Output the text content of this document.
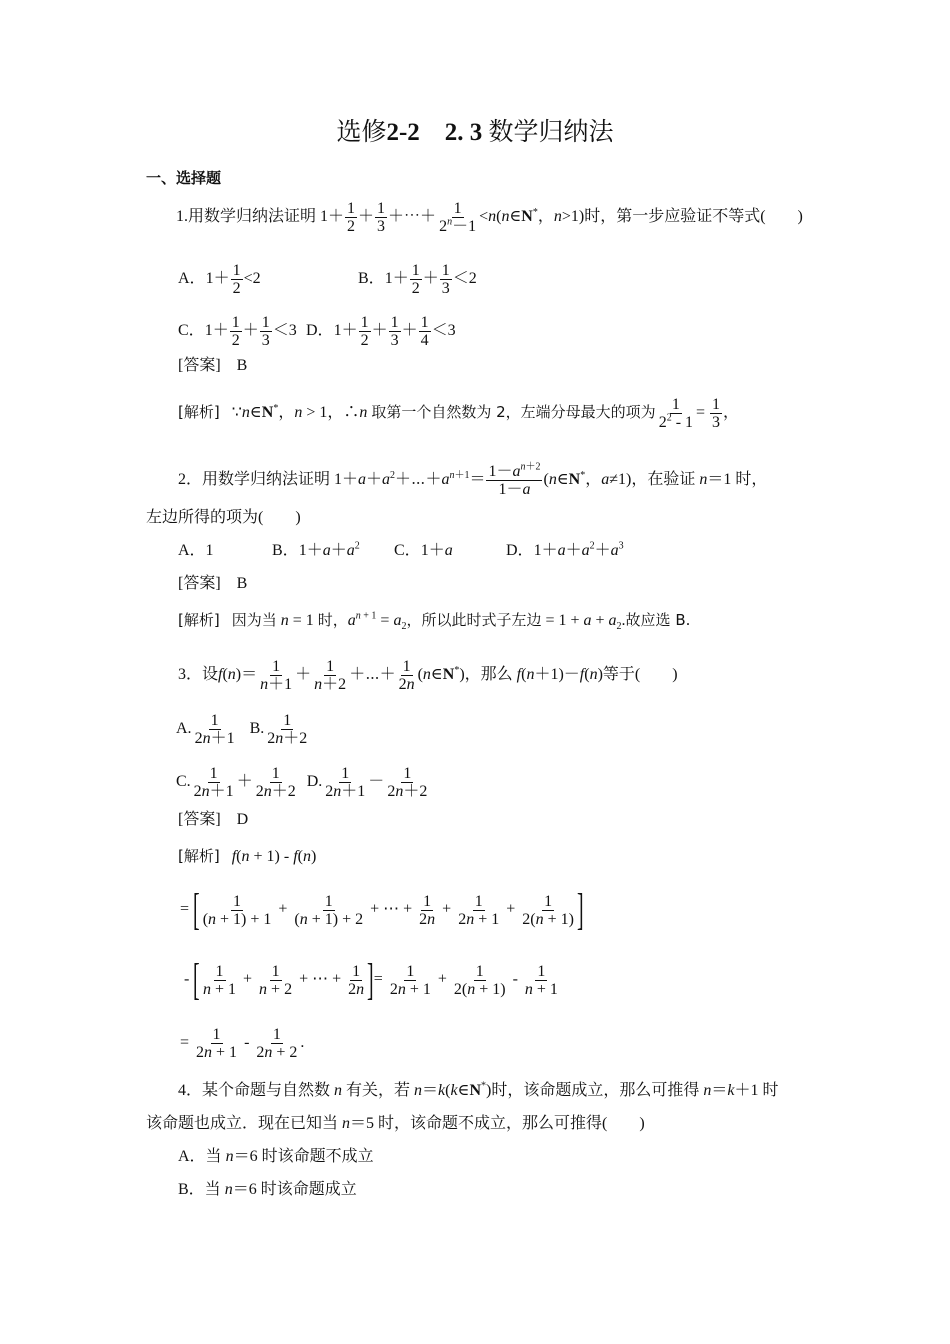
选修2-2 2. 3 数学归纳法
一、选择题
1.用数学归纳法证明 $1+ \frac{1}{2} + \frac{1}{3}$ ＋⋯＋ $\frac{1}{2^n-1}$ <n(n∈N*，n>1)时，第一步应验证不等式(　　)
A．$1+ \frac{1}{2} <2$	B．$1+ \frac{1}{2} + \frac{1}{3} <2$
C．$1+ \frac{1}{2} + \frac{1}{3} <3$ D．$1+ \frac{1}{2} + \frac{1}{3} + \frac{1}{4} <3$
[答案]　B
[解析]   ∵n∈N*，n > 1，∴n 取第一个自然数为 2，左端分母最大的项为 $\frac{1}{2^2 - 1} = \frac{1}{3}$ ，
2．用数学归纳法证明 $1+a+a^2+\cdots+a^{n+1}= \frac{1-a^{n+2}}{1-a}$ (n∈N*，a≠1)，在验证 n＝1 时，
左边所得的项为(　　)
A．1	B．$1+a+a^2$ C．1＋a	D．$1+a+a^2+a^3$
[答案]　B
[解析] 因为当 n = 1 时，$a^{n + 1} = a_2$，所以此时式子左边 = $1 + a + a_2$.故应选 B.
3．设$f(n)= \frac{1}{n+1} + \frac{1}{n+2}$ ＋⋯＋ $\frac{1}{2n}$ (n∈N*)，那么 f(n＋1)－f(n)等于(　　)
A. $\frac{1}{2n+1} B$. $\frac{1}{2n+2}$
C. $\frac{1}{2n+1} + \frac{1}{2n+2} D$. $\frac{1}{2n+1} - \frac{1}{2n+2}$
[答案]　D
[解析] f(n + 1) - f(n)
= [ $\frac{1}{(n + 1) + 1} + \frac{1}{(n + 1) + 2}$ + ⋯ + $\frac{1}{2n} + \frac{1}{2n + 1} + \frac{1}{2(n + 1)}$ ]
- [ $\frac{1}{n + 1} + \frac{1}{n + 2}$ + ⋯ + $\frac{1}{2n}$ ]= $\frac{1}{2n + 1} + \frac{1}{2(n + 1)} - \frac{1}{n + 1}$
= $\frac{1}{2n + 1} - \frac{1}{2n + 2}$ .
4．某个命题与自然数 n 有关，若 n＝k(k∈N*)时，该命题成立，那么可推得 n＝k＋1 时
该命题也成立．现在已知当 n＝5 时，该命题不成立，那么可推得(　　)
A．当 n＝6 时该命题不成立
B．当 n＝6 时该命题成立
